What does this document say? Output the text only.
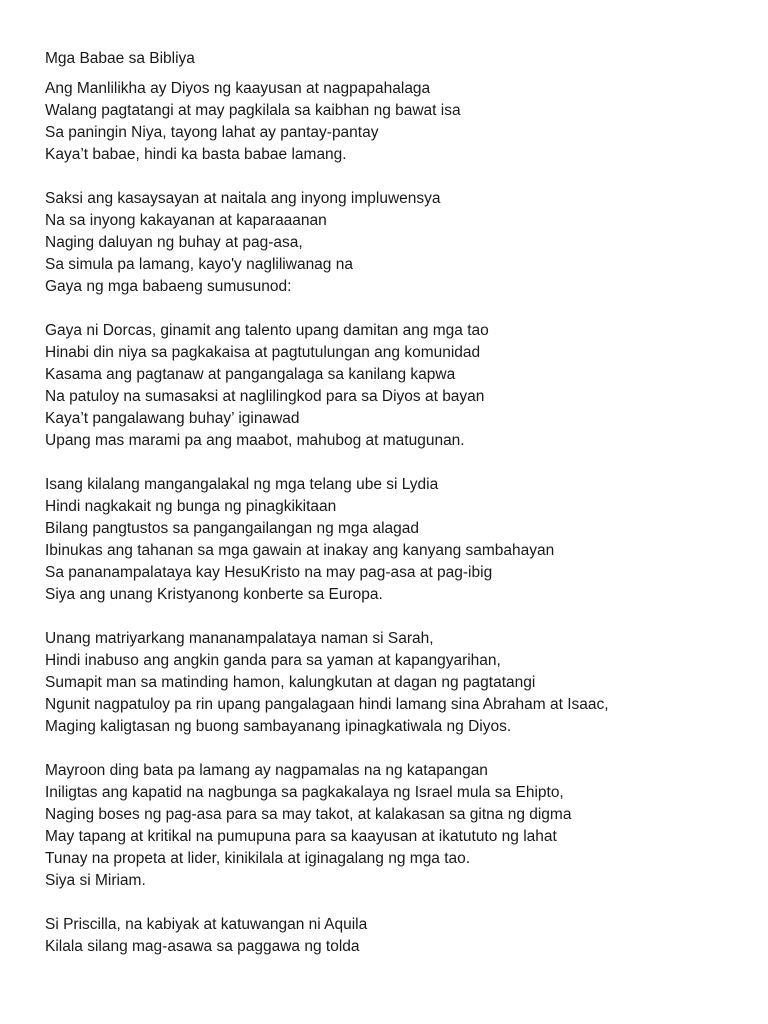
Mga Babae sa Bibliya
Ang Manlilikha ay Diyos ng kaayusan at nagpapahalaga
Walang pagtatangi at may pagkilala sa kaibhan ng bawat isa
Sa paningin Niya, tayong lahat ay pantay-pantay
Kaya’t babae, hindi ka basta babae lamang.
Saksi ang kasaysayan at naitala ang inyong impluwensya
Na sa inyong kakayanan at kaparaaanan
Naging daluyan ng buhay at pag-asa,
Sa simula pa lamang, kayo'y nagliliwanag na
Gaya ng mga babaeng sumusunod:
Gaya ni Dorcas, ginamit ang talento upang damitan ang mga tao
Hinabi din niya sa pagkakaisa at pagtutulungan ang komunidad
Kasama ang pagtanaw at pangangalaga sa kanilang kapwa
Na patuloy na sumasaksi at naglilingkod para sa Diyos at bayan
Kaya’t pangalawang buhay’ iginawad
Upang mas marami pa ang maabot, mahubog at matugunan.
Isang kilalang mangangalakal ng mga telang ube si Lydia
Hindi nagkakait ng bunga ng pinagkikitaan
Bilang pangtustos sa pangangailangan ng mga alagad
Ibinukas ang tahanan sa mga gawain at inakay ang kanyang sambahayan
Sa pananampalataya kay HesuKristo na may pag-asa at pag-ibig
Siya ang unang Kristyanong konberte sa Europa.
Unang matriyarkang mananampalataya naman si Sarah,
Hindi inabuso ang angkin ganda para sa yaman at kapangyarihan,
Sumapit man sa matinding hamon, kalungkutan at dagan ng pagtatangi
Ngunit nagpatuloy pa rin upang pangalagaan hindi lamang sina Abraham at Isaac,
Maging kaligtasan ng buong sambayanang ipinagkatiwala ng Diyos.
Mayroon ding bata pa lamang ay nagpamalas na ng katapangan
Iniligtas ang kapatid na nagbunga sa pagkakalaya ng Israel mula sa Ehipto,
Naging boses ng pag-asa para sa may takot, at kalakasan sa gitna ng digma
May tapang at kritikal na pumupuna para sa kaayusan at ikatututo ng lahat
Tunay na propeta at lider, kinikilala at iginagalang ng mga tao.
Siya si Miriam.
Si Priscilla, na kabiyak at katuwangan ni Aquila
Kilala silang mag-asawa sa paggawa ng tolda
